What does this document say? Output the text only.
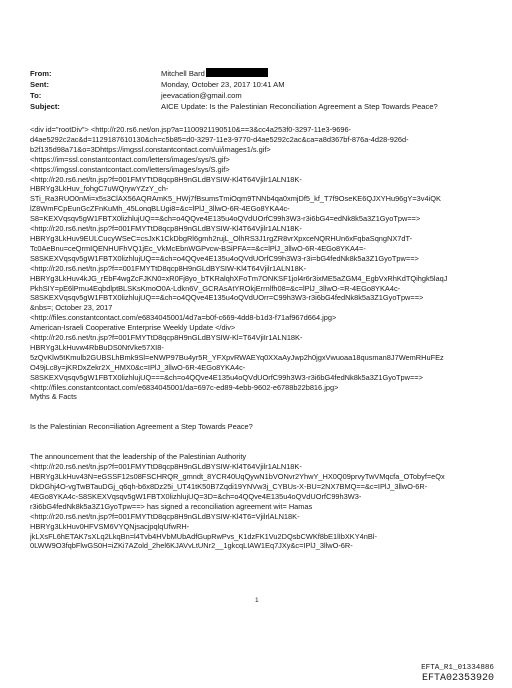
From:	Mitchell Bard
Sent:	Monday, October 23, 2017 10:41 AM
To:	jeevacation@gmail.com
Subject:	AICE Update: Is the Palestinian Reconciliation Agreement a Step Towards Peace?
<div id="rootDiv"> <http://r20.rs6.net/on.jsp?a=1100921190510&==3&cc4a253f0-3297-11e3-9696-
d4ae5292c2ac&d=1129187610130&ch=c5b85=d0-3297-11e3-9770-d4ae5292c2ac&ca=a8d367bf-876a-4d28-926d-
b2f135d98a71&o=3Dhttps://imgssl.constantcontact.com/ui/images1/s.gif>
<https://im=ssl.constantcontact.com/letters/images/sys/S.gif>
<https://imgssl.constantcontact.com/letters/images/sys/S.gif>
<http://r20.rs6.net/tn.jsp?f=001FMYTtD8qcp8H9nGLdBYSIW-Kl4T64Vjilr1ALN18K-
HBRYg3LkHuv_fohgC7uWQrywYZzY_ch-
STi_Ra3RUO0nMi=x5s3ClAX56AQRAmK5_HWj7fBsumsTmiOqm9TNNb4qa0xmjDf5_kf_T7f9OseKE6QJXYHu96gY=3v4iQK
lZ8WmFCpEunGcZFnKuMh_45LonqBLUgi8=&c=lPlJ_3llwO-6R-4EGo8YKA4c-
S8=KEXVqsqv5gW1FBTX0lizhlujUQ==&ch=o4QQve4E135u4oQVdUOrfC99h3W3-r3i6bG4=edNk8k5a3Z1GyoTpw==>
<http://r20.rs6.net/tn.jsp?f=001FMYTtD8qcp8H9nGLdBYSIW-Kl4T64Vjilr1ALN18K-
HBRYg3LkHuv9EULCucyWSeC=csJxK1CkDbgRl6gmh2rujL_OlhRS3J1rgZR8vrXpxceNQRHUn6xFqbaSqngNX7dT-
Tc0AeBnu=ceQrmIQENHUFhVQ1jEc_VkMcEbnWGPvcw-BSiPFA==&c=lPlJ_3llwO-6R-4EGo8YKA4=-
S8SKEXVqsqv5gW1FBTX0lizhlujUQ==&ch=o4QQve4E135u4oQVdUOrfC99h3W3-r3i=bG4fedNk8k5a3Z1GyoTpw==>
<http://r20.rs6.net/tn.jsp?f==001FMYTtD8qcp8H9nGLdBYSIW-Kl4T64Vjilr1ALN18K-
HBRYg3LkHuv4kJG_rEbF4wgZcFJKN0=xR0Fj8yo_bTKRalqhXFoTm7ONKSF1jol4r6r3ixME5aZGM4_EgbVxRhKdTQihgk5laqJ
PkhSIY=pE6lPmu4EqbdlptBLSKsKmoO0A-Ldkn6V_GCRAsAtYROkjErrnlfh08=&c=lPlJ_3llwO-=R-4EGo8YKA4c-
S8SKEXVqsqv5gW1FBTX0lizhlujUQ==&ch=o4QQve4E135u4oQVdUOrr=C99h3W3-r3i6bG4fedNk8k5a3Z1GyoTpw==>
&nbs=; October 23, 2017
<http://files.constantcontact.com/e6834045001/4d7a=b0f-c669-4dd8-b1d3-f71af967d664.jpg>
American-Israeli Cooperative Enterprise Weekly Update </div>
<http://r20.rs6.net/tn.jsp?f=001FMYTtD8qcp8H9nGLdBYSIW-Kl=T64VjiIr1ALN18K-
HBRYg3LkHuvw4RbBuDS0NtVke57XI8-
5zQvKlw5tKmulb2GUBSLhBmk9Sl=eNWP97Bu4yr5R_YFXpvRWAEYq0XXaAyJwp2h0jgxVwuoaa18qusman8J7WemRHuFEz
O49jLc8y=jKRDxZekr2X_HMX0&c=IPlJ_3llwO-6R-4EGo8YKA4c-
S8SKEXVqsqv5gW1FBTX0lizhlujUQ===&ch=o4QQve4E135u4oQVdUOrfC99h3W3-r3i6bG4fedNk8k5a3Z1GyoTpw==>
<http://files.constantcontact.com/e6834045001/da=697c-ed89-4ebb-9602-e6788b22b816.jpg>
Myths & Facts
Is the Palestinian Recon=iliation Agreement a Step Towards Peace?
The announcement that the leadership of the Palestinian Authority
<http://r20.rs6.net/tn.jsp?f=001FMYTtD8qcp8H9nGLdBYSIW-Kl4T64Vjilr1ALN18K-
HBRYg3LkHuv43N=eGSSF12s08FSCHRQR_gmndt_8YCR40UqQywN1bVONvr2YhwY_HX0Q09prvyTwVMqcfa_OTobyf=eQx
DkDGhj4O-vgTwBTauDGj_q6qh-b6x8Dz25i_UT41tK50B7Zqdi19YNVw3j_CYBUs-X-BU=2NX7BMQ==&c=IPlJ_3llwO-6R-
4EGo8YKA4c-S8SKEXVqsqv5gW1FBTX0lizhlujUQ=3D=&ch=o4QQve4E135u4oQVdUOrfC99h3W3-
r3i6bG4fedNk8k5a3Z1GyoTpw==> has signed a reconciliation agreement wit= Hamas
<http://r20.rs6.net/tn.jsp?f=001FMYTtD8qcp8H9nGLdBYSIW-Kl4T6=VjilrlALN18K-
HBRYg3LkHuv0HFVSM6VYQNjsacjpqlqUfwRH-
jkLXsFL6hETAK7sXLq2LkqBn=l4Tvb4HVbMUbAdfGupRwPvs_K1dzFK1Vu2DQsbCWKf8bE1lIbXKY4nBl-
0LWW9O3fqbFlwGS0H=iZKi7AZold_2hel6KJAVvLtUNr2__1gkcqLIAW1Eq7JXy&c=IPlJ_3llwO-6R-
1
EFTA_R1_01334886
EFTA02353920
